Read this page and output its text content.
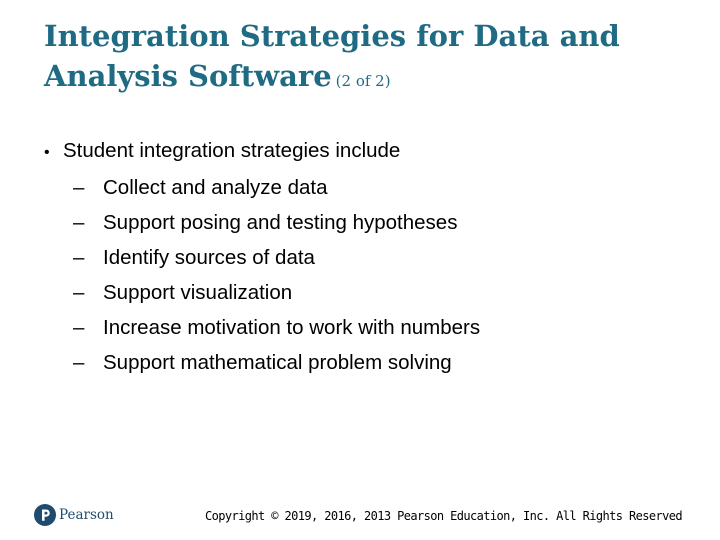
Integration Strategies for Data and
Analysis Software (2 of 2)
• Student integration strategies include
– Collect and analyze data
– Support posing and testing hypotheses
– Identify sources of data
– Support visualization
– Increase motivation to work with numbers
– Support mathematical problem solving
Pearson	Copyright © 2019, 2016, 2013 Pearson Education, Inc. All Rights Reserved
